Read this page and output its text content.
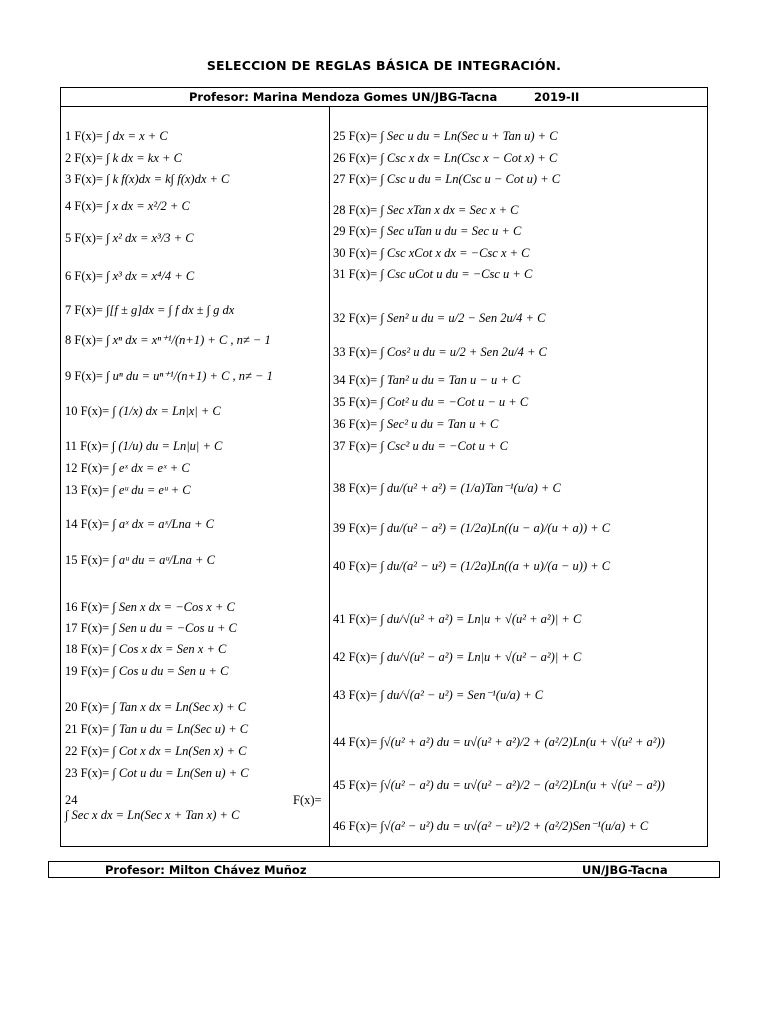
SELECCION DE REGLAS BÁSICA DE INTEGRACIÓN.
Profesor: Marina Mendoza Gomes UN/JBG-Tacna	2019-II
1 F(x)= ∫ dx = x + C
2 F(x)= ∫ k dx = kx + C
3 F(x)= ∫ k f(x)dx = k∫ f(x)dx + C
4 F(x)= ∫ x dx = x²/2 + C
5 F(x)= ∫ x² dx = x³/3 + C
6 F(x)= ∫ x³ dx = x⁴/4 + C
7 F(x)= ∫[f ± g]dx = ∫ f dx ± ∫ g dx
8 F(x)= ∫ xⁿ dx = xⁿ⁺¹/(n+1) + C , n≠ − 1
9 F(x)= ∫ uⁿ du = uⁿ⁺¹/(n+1) + C , n≠ − 1
10 F(x)= ∫ (1/x) dx = Ln|x| + C
11 F(x)= ∫ (1/u) du = Ln|u| + C
12 F(x)= ∫ eˣ dx = eˣ + C
13 F(x)= ∫ eᵘ du = eᵘ + C
14 F(x)= ∫ aˣ dx = aˣ/Lna + C
15 F(x)= ∫ aᵘ du = aᵘ/Lna + C
16 F(x)= ∫ Sen x dx = −Cos x + C
17 F(x)= ∫ Sen u du = −Cos u + C
18 F(x)= ∫ Cos x dx = Sen x + C
19 F(x)= ∫ Cos u du = Sen u + C
20 F(x)= ∫ Tan x dx = Ln(Sec x) + C
21 F(x)= ∫ Tan u du = Ln(Sec u) + C
22 F(x)= ∫ Cot x dx = Ln(Sen x) + C
23 F(x)= ∫ Cot u du = Ln(Sen u) + C
24
∫ Sec x dx = Ln(Sec x + Tan x) + C
F(x)=
25 F(x)= ∫ Sec u du = Ln(Sec u + Tan u) + C
26 F(x)= ∫ Csc x dx = Ln(Csc x − Cot x) + C
27 F(x)= ∫ Csc u du = Ln(Csc u − Cot u) + C
28 F(x)= ∫ Sec xTan x dx = Sec x + C
29 F(x)= ∫ Sec uTan u du = Sec u + C
30 F(x)= ∫ Csc xCot x dx = −Csc x + C
31 F(x)= ∫ Csc uCot u du = −Csc u + C
32 F(x)= ∫ Sen² u du = u/2 − Sen 2u/4 + C
33 F(x)= ∫ Cos² u du = u/2 + Sen 2u/4 + C
34 F(x)= ∫ Tan² u du = Tan u − u + C
35 F(x)= ∫ Cot² u du = −Cot u − u + C
36 F(x)= ∫ Sec² u du = Tan u + C
37 F(x)= ∫ Csc² u du = −Cot u + C
38 F(x)= ∫ du/(u² + a²) = (1/a)Tan⁻¹(u/a) + C
39 F(x)= ∫ du/(u² − a²) = (1/2a)Ln((u − a)/(u + a)) + C
40 F(x)= ∫ du/(a² − u²) = (1/2a)Ln((a + u)/(a − u)) + C
41 F(x)= ∫ du/√(u² + a²) = Ln|u + √(u² + a²)| + C
42 F(x)= ∫ du/√(u² − a²) = Ln|u + √(u² − a²)| + C
43 F(x)= ∫ du/√(a² − u²) = Sen⁻¹(u/a) + C
44 F(x)= ∫√(u² + a²) du = u√(u² + a²)/2 + (a²/2)Ln(u + √(u² + a²))
45 F(x)= ∫√(u² − a²) du = u√(u² − a²)/2 − (a²/2)Ln(u + √(u² − a²))
46 F(x)= ∫√(a² − u²) du = u√(a² − u²)/2 + (a²/2)Sen⁻¹(u/a) + C
Profesor: Milton Chávez Muñoz	UN/JBG-Tacna
